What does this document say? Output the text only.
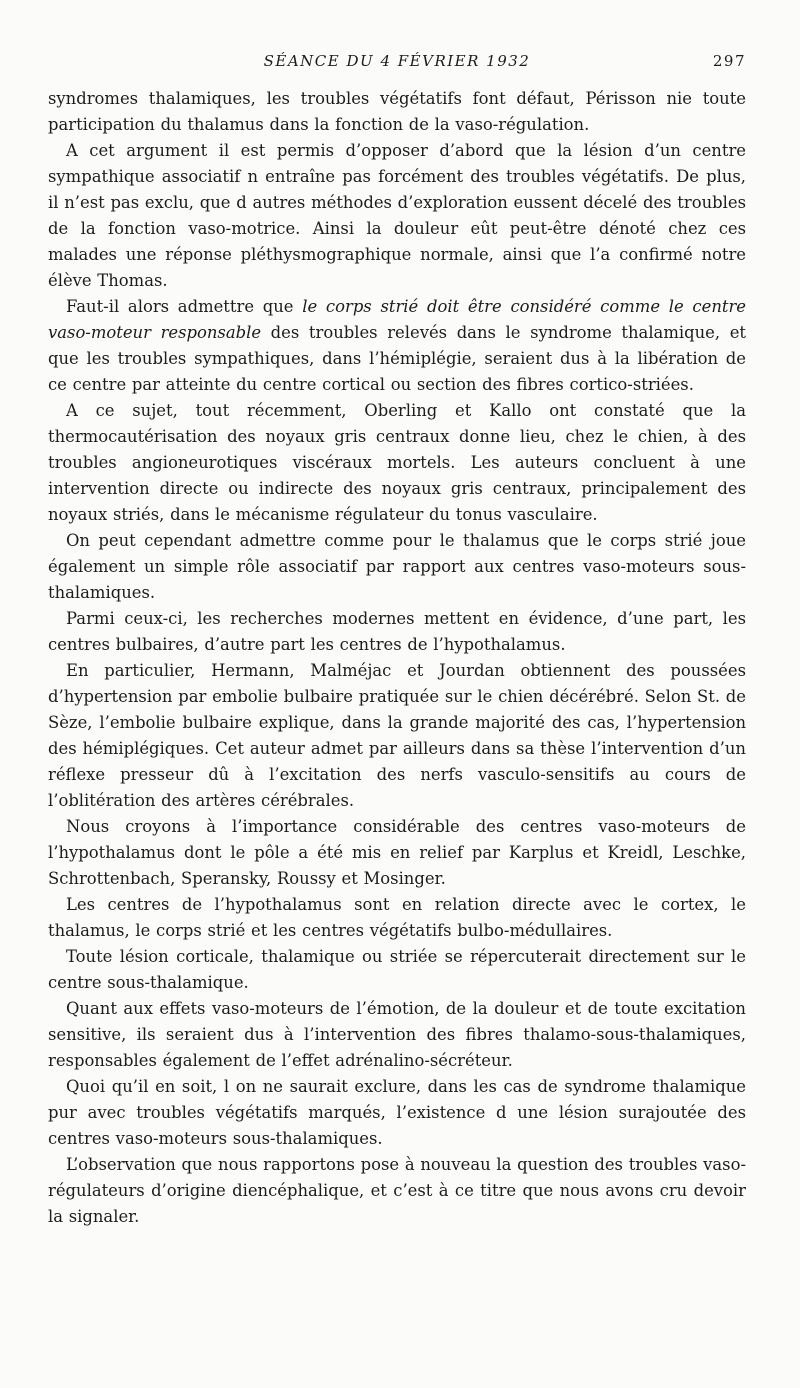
SÉANCE DU 4 FÉVRIER 1932	297

syndromes thalamiques, les troubles végétatifs font défaut, Périsson nie toute participation du thalamus dans la fonction de la vaso-régulation.

A cet argument il est permis d’opposer d’abord que la lésion d’un centre sympathique associatif n entraîne pas forcément des troubles végétatifs. De plus, il n’est pas exclu, que d autres méthodes d’exploration eussent décelé des troubles de la fonction vaso-motrice. Ainsi la douleur eût peut-être dénoté chez ces malades une réponse pléthysmographique normale, ainsi que l’a confirmé notre élève Thomas.

Faut-il alors admettre que le corps strié doit être considéré comme le centre vaso-moteur responsable des troubles relevés dans le syndrome thalamique, et que les troubles sympathiques, dans l’hémiplégie, seraient dus à la libération de ce centre par atteinte du centre cortical ou section des fibres cortico-striées.

A ce sujet, tout récemment, Oberling et Kallo ont constaté que la thermocautérisation des noyaux gris centraux donne lieu, chez le chien, à des troubles angioneurotiques viscéraux mortels. Les auteurs concluent à une intervention directe ou indirecte des noyaux gris centraux, principalement des noyaux striés, dans le mécanisme régulateur du tonus vasculaire.

On peut cependant admettre comme pour le thalamus que le corps strié joue également un simple rôle associatif par rapport aux centres vaso-moteurs sous-thalamiques.

Parmi ceux-ci, les recherches modernes mettent en évidence, d’une part, les centres bulbaires, d’autre part les centres de l’hypothalamus.

En particulier, Hermann, Malméjac et Jourdan obtiennent des poussées d’hypertension par embolie bulbaire pratiquée sur le chien décérébré. Selon St. de Sèze, l’embolie bulbaire explique, dans la grande majorité des cas, l’hypertension des hémiplégiques. Cet auteur admet par ailleurs dans sa thèse l’intervention d’un réflexe presseur dû à l’excitation des nerfs vasculo-sensitifs au cours de l’oblitération des artères cérébrales.

Nous croyons à l’importance considérable des centres vaso-moteurs de l’hypothalamus dont le pôle a été mis en relief par Karplus et Kreidl, Leschke, Schrottenbach, Speransky, Roussy et Mosinger.

Les centres de l’hypothalamus sont en relation directe avec le cortex, le thalamus, le corps strié et les centres végétatifs bulbo-médullaires.

Toute lésion corticale, thalamique ou striée se répercuterait directement sur le centre sous-thalamique.

Quant aux effets vaso-moteurs de l’émotion, de la douleur et de toute excitation sensitive, ils seraient dus à l’intervention des fibres thalamo-sous-thalamiques, responsables également de l’effet adrénalino-sécréteur.

Quoi qu’il en soit, l on ne saurait exclure, dans les cas de syndrome thalamique pur avec troubles végétatifs marqués, l’existence d une lésion surajoutée des centres vaso-moteurs sous-thalamiques.

L’observation que nous rapportons pose à nouveau la question des troubles vaso-régulateurs d’origine diencéphalique, et c’est à ce titre que nous avons cru devoir la signaler.
